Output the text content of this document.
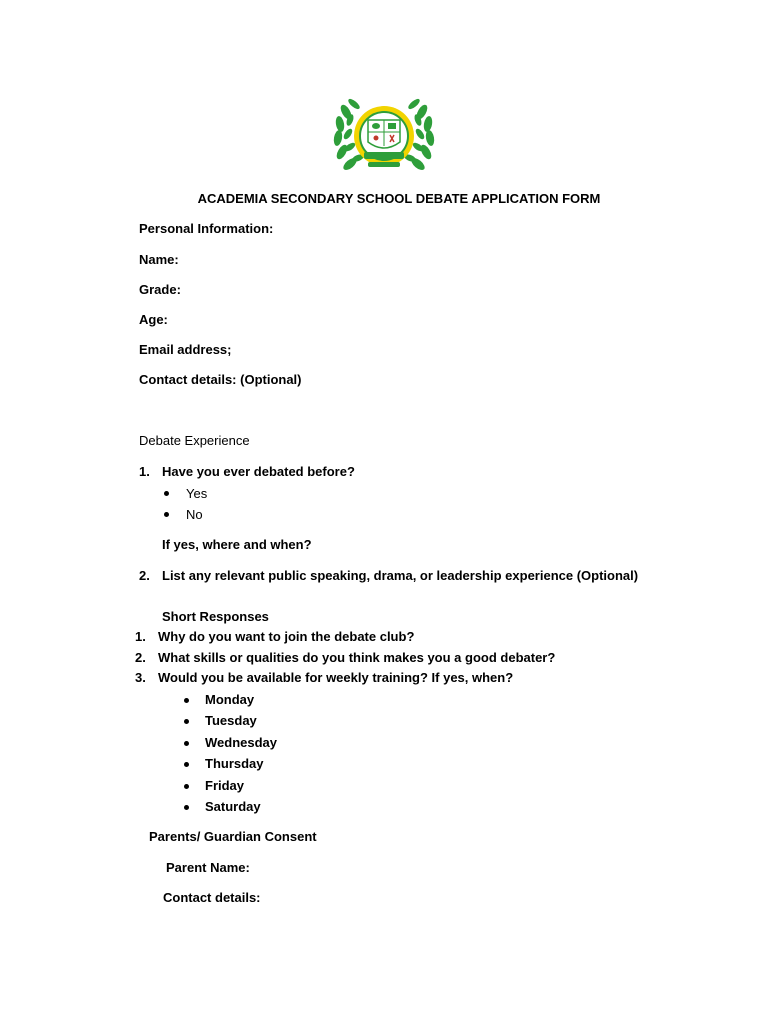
ACADEMIA SECONDARY SCHOOL DEBATE APPLICATION FORM
Personal Information:
Name:
Grade:
Age:
Email address;
Contact details: (Optional)
Debate Experience
1. Have you ever debated before?
Yes
No
If yes, where and when?
2. List any relevant public speaking, drama, or leadership experience (Optional)
Short Responses
1. Why do you want to join the debate club?
2. What skills or qualities do you think makes you a good debater?
3. Would you be available for weekly training? If yes, when?
Monday
Tuesday
Wednesday
Thursday
Friday
Saturday
Parents/ Guardian Consent
Parent Name:
Contact details:
